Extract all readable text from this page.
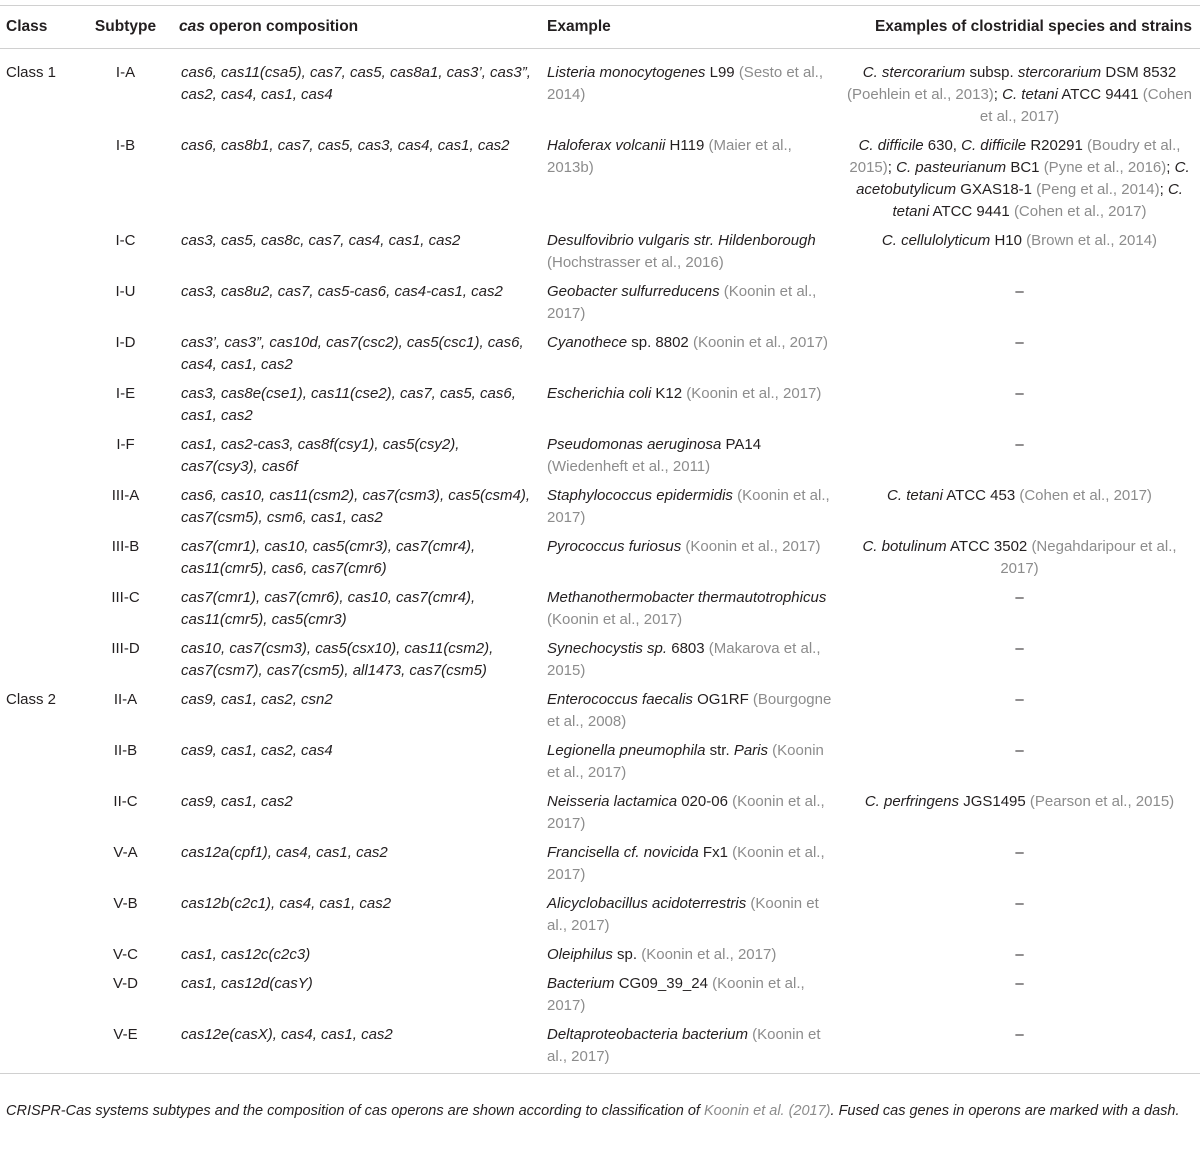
Class	Subtype	cas operon composition	Example	Examples of clostridial species and strains
Class 1	I-A	cas6, cas11(csa5), cas7, cas5, cas8a1, cas3’, cas3”, cas2, cas4, cas1, cas4	Listeria monocytogenes L99 (Sesto et al., 2014)	C. stercorarium subsp. stercorarium DSM 8532 (Poehlein et al., 2013); C. tetani ATCC 9441 (Cohen et al., 2017)
	I-B	cas6, cas8b1, cas7, cas5, cas3, cas4, cas1, cas2	Haloferax volcanii H119 (Maier et al., 2013b)	C. difficile 630, C. difficile R20291 (Boudry et al., 2015); C. pasteurianum BC1 (Pyne et al., 2016); C. acetobutylicum GXAS18-1 (Peng et al., 2014); C. tetani ATCC 9441 (Cohen et al., 2017)
	I-C	cas3, cas5, cas8c, cas7, cas4, cas1, cas2	Desulfovibrio vulgaris str. Hildenborough (Hochstrasser et al., 2016)	C. cellulolyticum H10 (Brown et al., 2014)
	I-U	cas3, cas8u2, cas7, cas5-cas6, cas4-cas1, cas2	Geobacter sulfurreducens (Koonin et al., 2017)	–
	I-D	cas3’, cas3”, cas10d, cas7(csc2), cas5(csc1), cas6, cas4, cas1, cas2	Cyanothece sp. 8802 (Koonin et al., 2017)	–
	I-E	cas3, cas8e(cse1), cas11(cse2), cas7, cas5, cas6, cas1, cas2	Escherichia coli K12 (Koonin et al., 2017)	–
	I-F	cas1, cas2-cas3, cas8f(csy1), cas5(csy2), cas7(csy3), cas6f	Pseudomonas aeruginosa PA14 (Wiedenheft et al., 2011)	–
	III-A	cas6, cas10, cas11(csm2), cas7(csm3), cas5(csm4), cas7(csm5), csm6, cas1, cas2	Staphylococcus epidermidis (Koonin et al., 2017)	C. tetani ATCC 453 (Cohen et al., 2017)
	III-B	cas7(cmr1), cas10, cas5(cmr3), cas7(cmr4), cas11(cmr5), cas6, cas7(cmr6)	Pyrococcus furiosus (Koonin et al., 2017)	C. botulinum ATCC 3502 (Negahdaripour et al., 2017)
	III-C	cas7(cmr1), cas7(cmr6), cas10, cas7(cmr4), cas11(cmr5), cas5(cmr3)	Methanothermobacter thermautotrophicus (Koonin et al., 2017)	–
	III-D	cas10, cas7(csm3), cas5(csx10), cas11(csm2), cas7(csm7), cas7(csm5), all1473, cas7(csm5)	Synechocystis sp. 6803 (Makarova et al., 2015)	–
Class 2	II-A	cas9, cas1, cas2, csn2	Enterococcus faecalis OG1RF (Bourgogne et al., 2008)	–
	II-B	cas9, cas1, cas2, cas4	Legionella pneumophila str. Paris (Koonin et al., 2017)	–
	II-C	cas9, cas1, cas2	Neisseria lactamica 020-06 (Koonin et al., 2017)	C. perfringens JGS1495 (Pearson et al., 2015)
	V-A	cas12a(cpf1), cas4, cas1, cas2	Francisella cf. novicida Fx1 (Koonin et al., 2017)	–
	V-B	cas12b(c2c1), cas4, cas1, cas2	Alicyclobacillus acidoterrestris (Koonin et al., 2017)	–
	V-C	cas1, cas12c(c2c3)	Oleiphilus sp. (Koonin et al., 2017)	–
	V-D	cas1, cas12d(casY)	Bacterium CG09_39_24 (Koonin et al., 2017)	–
	V-E	cas12e(casX), cas4, cas1, cas2	Deltaproteobacteria bacterium (Koonin et al., 2017)	–
CRISPR-Cas systems subtypes and the composition of cas operons are shown according to classification of Koonin et al. (2017). Fused cas genes in operons are marked with a dash.
